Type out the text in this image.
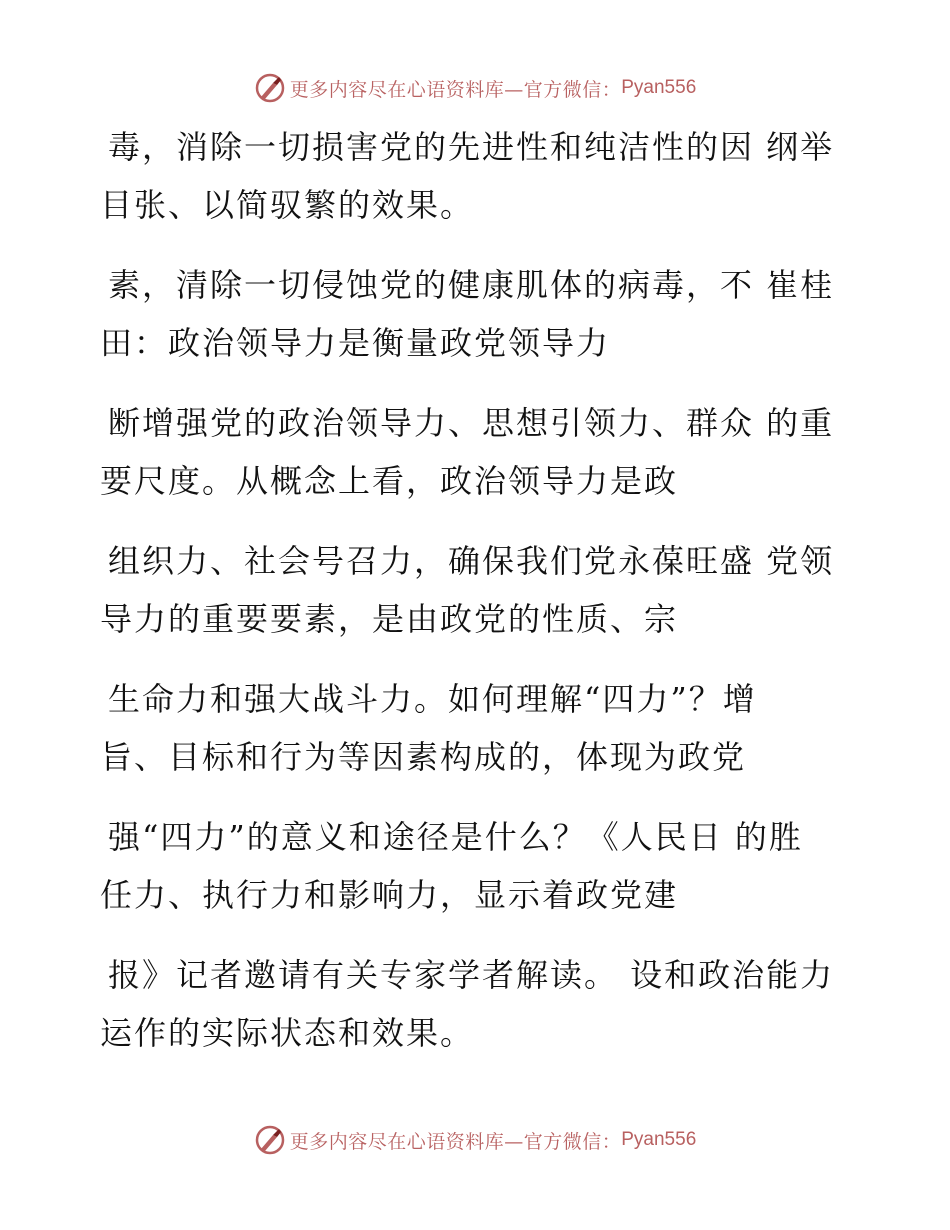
更多内容尽在心语资料库—官方微信： Pyan556
毒，消除一切损害党的先进性和纯洁性的因 纲举
目张、以简驭繁的效果。
素，清除一切侵蚀党的健康肌体的病毒，不 崔桂
田：政治领导力是衡量政党领导力
断增强党的政治领导力、思想引领力、群众 的重
要尺度。从概念上看，政治领导力是政
组织力、社会号召力，确保我们党永葆旺盛 党领
导力的重要要素，是由政党的性质、宗
生命力和强大战斗力。如何理解“四力”？增
旨、目标和行为等因素构成的，体现为政党
强“四力”的意义和途径是什么？《人民日 的胜
任力、执行力和影响力，显示着政党建
报》记者邀请有关专家学者解读。 设和政治能力
运作的实际状态和效果。
更多内容尽在心语资料库—官方微信： Pyan556
